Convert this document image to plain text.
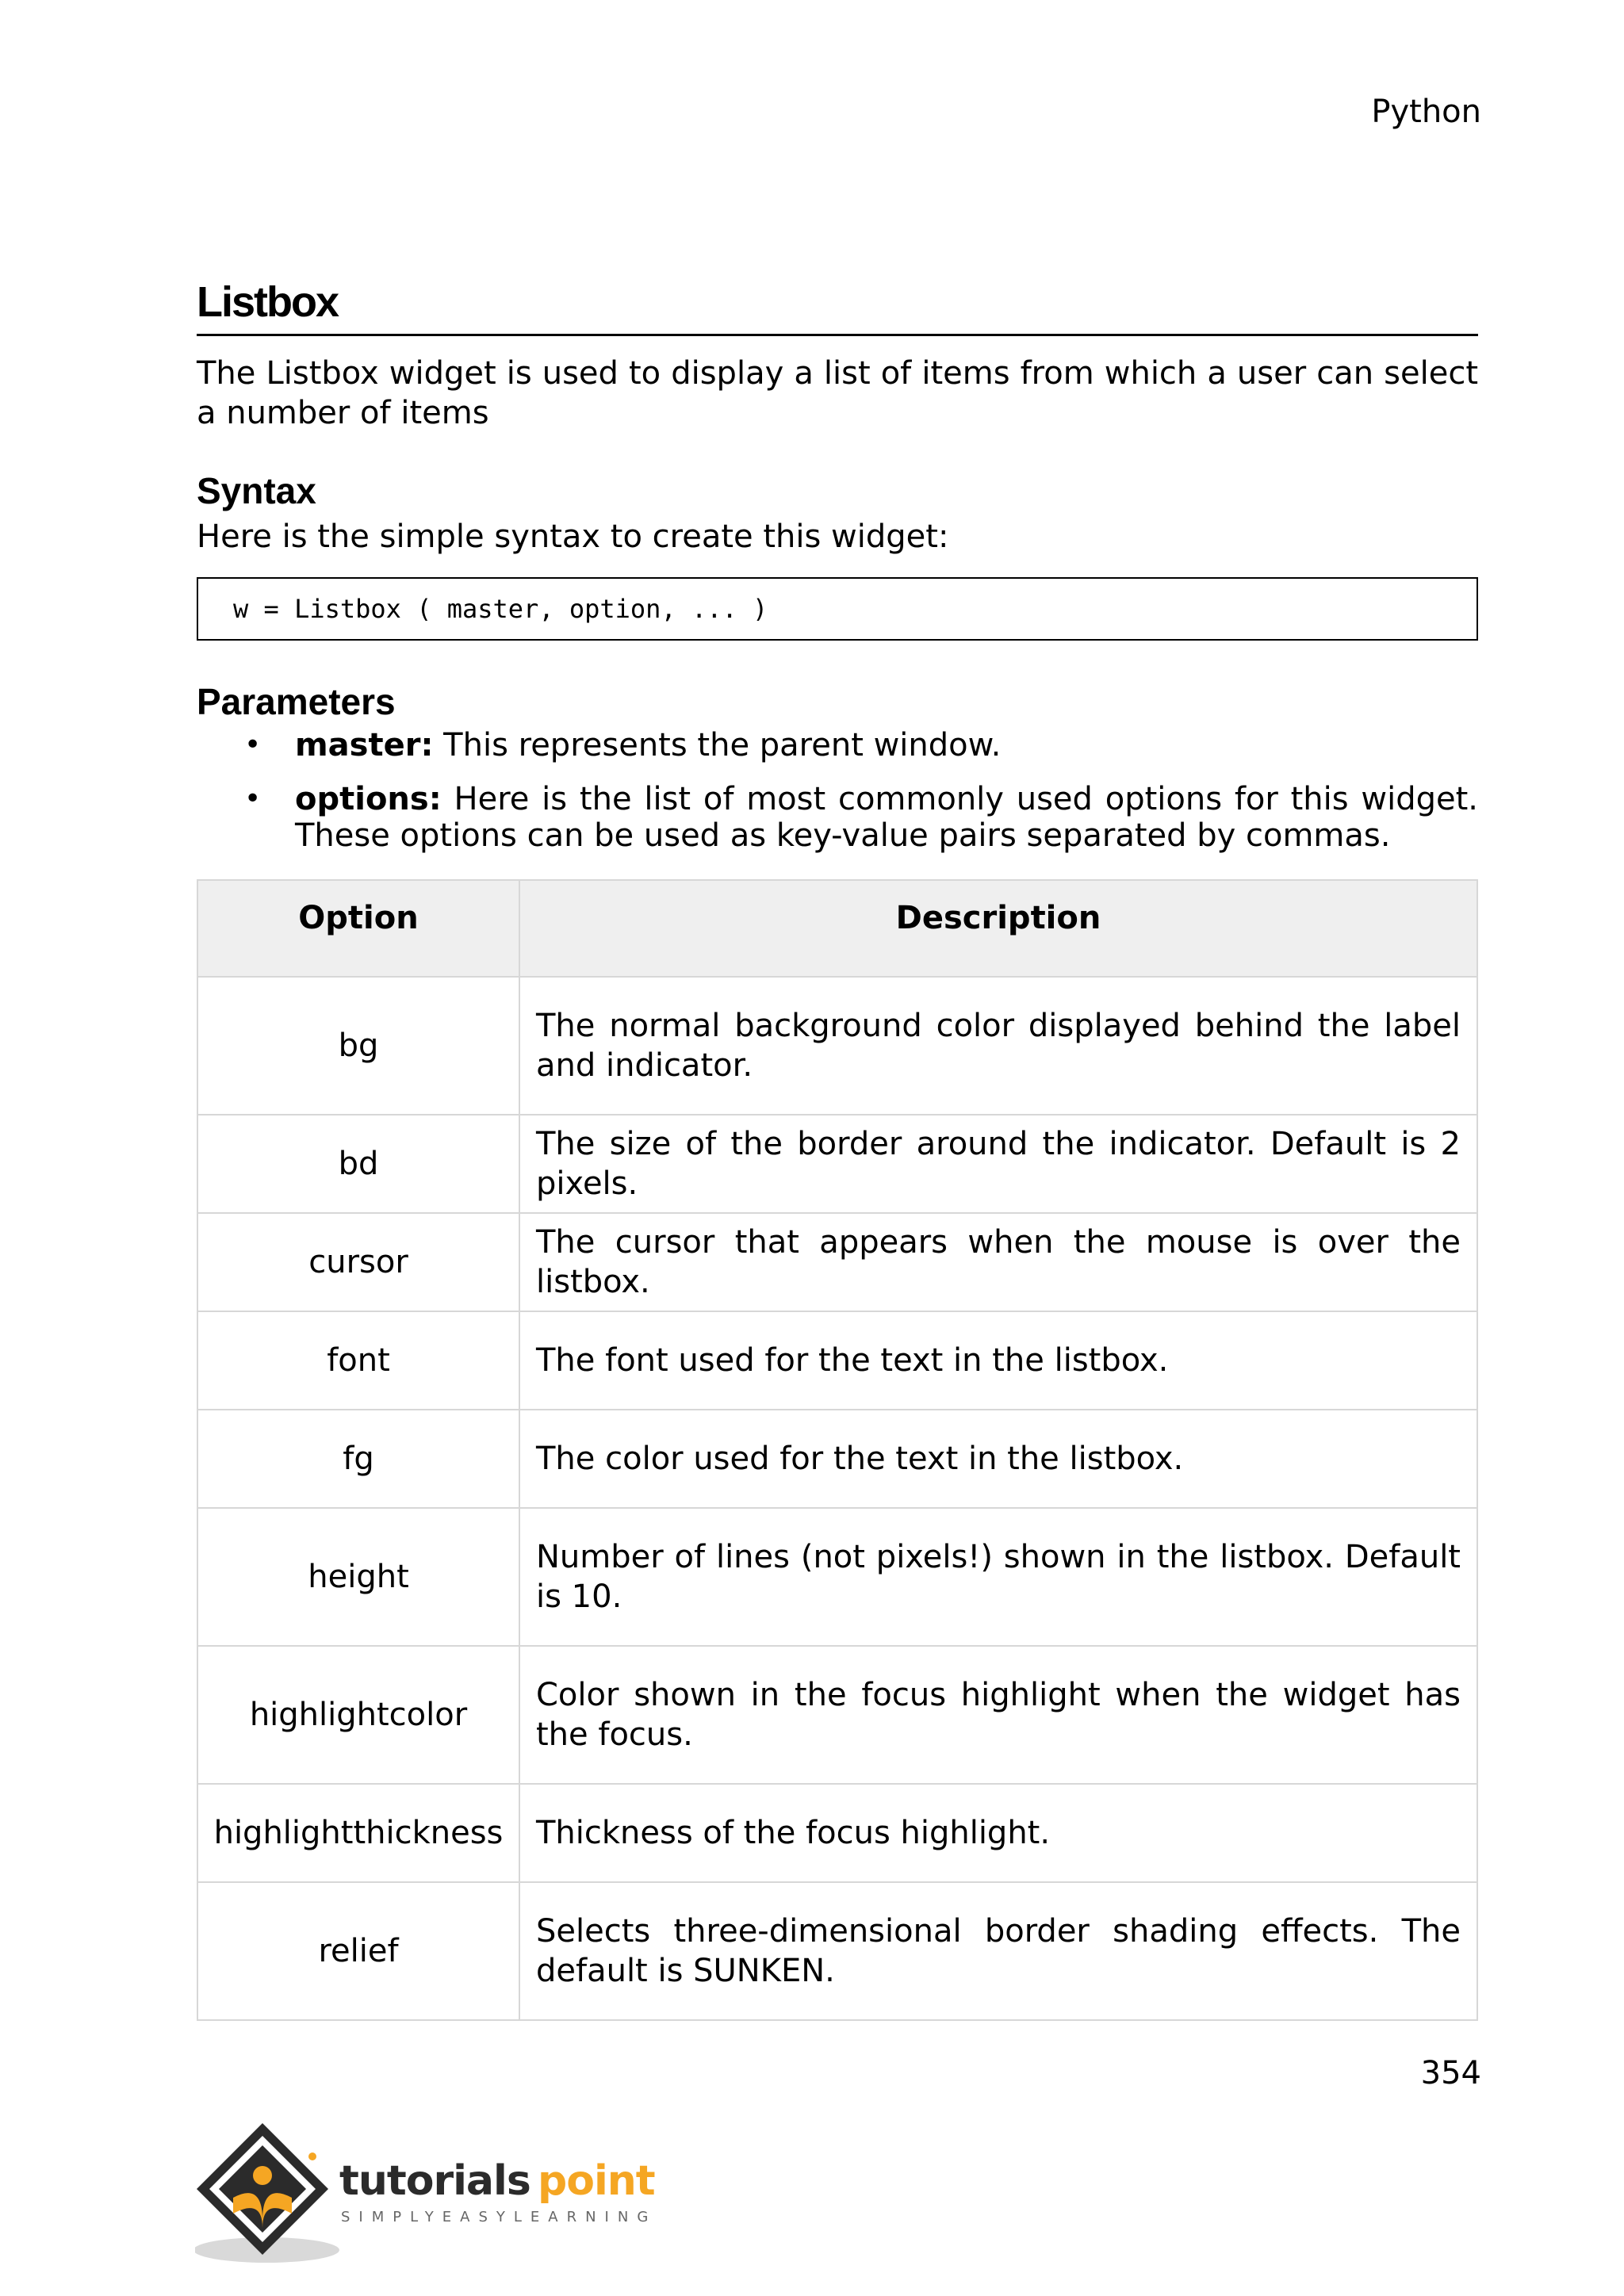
Python
Listbox

The Listbox widget is used to display a list of items from which a user can select a number of items

Syntax

Here is the simple syntax to create this widget:

w = Listbox ( master, option, ... )
Parameters
• master: This represents the parent window.
• options: Here is the list of most commonly used options for this widget. These options can be used as key-value pairs separated by commas.
Option	Description
bg	The normal background color displayed behind the label and indicator.
bd	The size of the border around the indicator. Default is 2 pixels.
cursor	The cursor that appears when the mouse is over the listbox.
font	The font used for the text in the listbox.
fg	The color used for the text in the listbox.
height	Number of lines (not pixels!) shown in the listbox. Default is 10.
highlightcolor	Color shown in the focus highlight when the widget has the focus.
highlightthickness	Thickness of the focus highlight.
relief	Selects three-dimensional border shading effects. The default is SUNKEN.
354
tutorials point
SIMPLYEASYLEARNING
